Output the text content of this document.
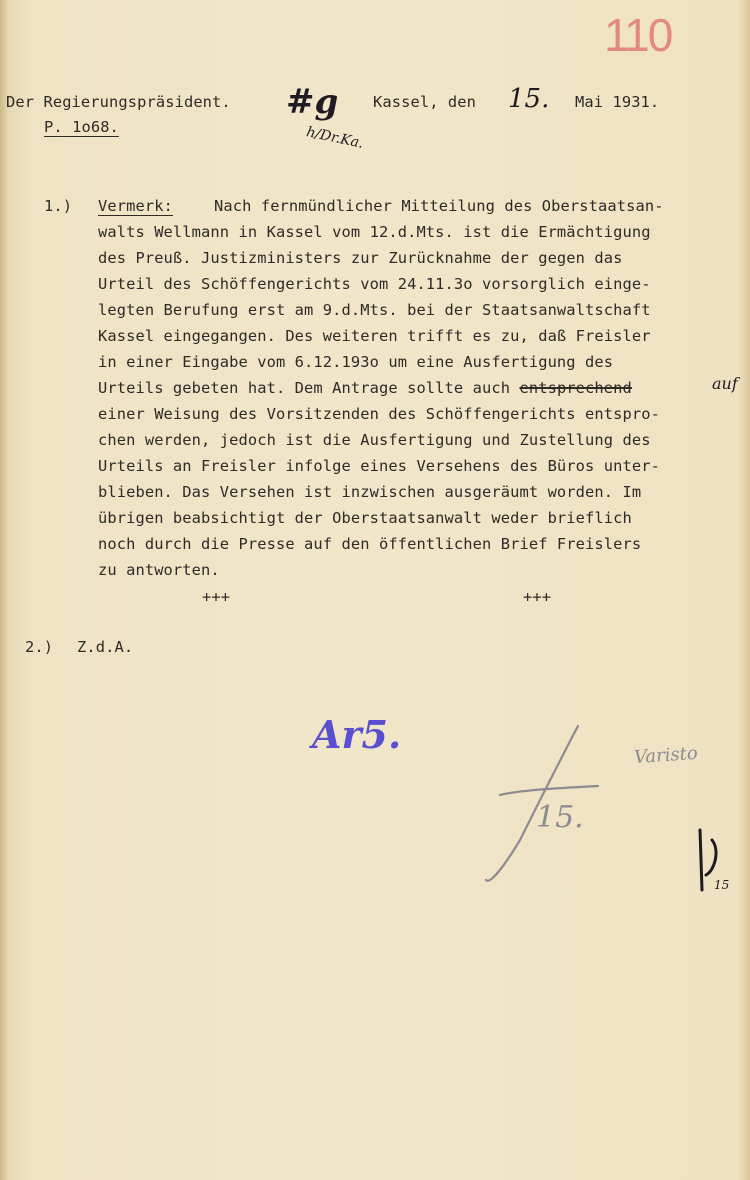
110
Der Regierungspräsident.
P. 1o68.
#g
h/Dr.Ka.
Kassel, den 15. Mai 1931.
1.) Vermerk:	Nach fernmündlicher Mitteilung des Oberstaatsan-
walts Wellmann in Kassel vom 12.d.Mts. ist die Ermächtigung
des Preuß. Justizministers zur Zurücknahme der gegen das
Urteil des Schöffengerichts vom 24.11.3o vorsorglich einge-
legten Berufung erst am 9.d.Mts. bei der Staatsanwaltschaft
Kassel eingegangen. Des weiteren trifft es zu, daß Freisler
in einer Eingabe vom 6.12.193o um eine Ausfertigung des
Urteils gebeten hat. Dem Antrage sollte auch entsprechend	auf
einer Weisung des Vorsitzenden des Schöffengerichts entspro-
chen werden, jedoch ist die Ausfertigung und Zustellung des
Urteils an Freisler infolge eines Versehens des Büros unter-
blieben. Das Versehen ist inzwischen ausgeräumt worden. Im
übrigen beabsichtigt der Oberstaatsanwalt weder brieflich
noch durch die Presse auf den öffentlichen Brief Freislers
zu antworten.
+++	+++
2.) Z.d.A.
Ar5.
15.
Varisto
15
